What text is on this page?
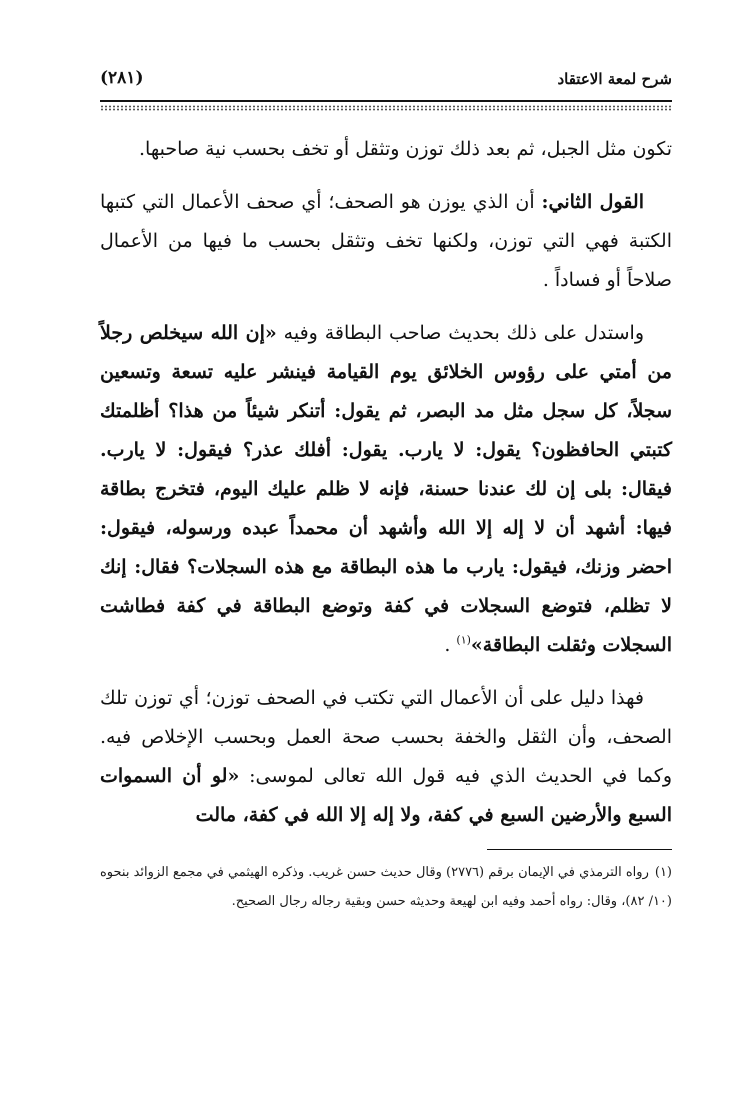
شرح لمعة الاعتقاد
(٢٨١)

تكون مثل الجبل، ثم بعد ذلك توزن وتثقل أو تخف بحسب نية صاحبها.

القول الثاني: أن الذي يوزن هو الصحف؛ أي صحف الأعمال التي كتبها الكتبة فهي التي توزن، ولكنها تخف وتثقل بحسب ما فيها من الأعمال صلاحاً أو فساداً .

واستدل على ذلك بحديث صاحب البطاقة وفيه «إن الله سيخلص رجلاً من أمتي على رؤوس الخلائق يوم القيامة فينشر عليه تسعة وتسعين سجلاً، كل سجل مثل مد البصر، ثم يقول: أتنكر شيئاً من هذا؟ أظلمتك كتبتي الحافظون؟ يقول: لا يارب. يقول: أفلك عذر؟ فيقول: لا يارب. فيقال: بلى إن لك عندنا حسنة، فإنه لا ظلم عليك اليوم، فتخرج بطاقة فيها: أشهد أن لا إله إلا الله وأشهد أن محمداً عبده ورسوله، فيقول: احضر وزنك، فيقول: يارب ما هذه البطاقة مع هذه السجلات؟ فقال: إنك لا تظلم، فتوضع السجلات في كفة وتوضع البطاقة في كفة فطاشت السجلات وثقلت البطاقة»$^{(١)}$ .

فهذا دليل على أن الأعمال التي تكتب في الصحف توزن؛ أي توزن تلك الصحف، وأن الثقل والخفة بحسب صحة العمل وبحسب الإخلاص فيه. وكما في الحديث الذي فيه قول الله تعالى لموسى: «لو أن السموات السبع والأرضين السبع في كفة، ولا إله إلا الله في كفة، مالت

(١)رواه الترمذي في الإيمان برقم (٢٧٧٦) وقال حديث حسن غريب. وذكره الهيثمي في مجمع الزوائد بنحوه (١٠/ ٨٢)، وقال: رواه أحمد وفيه ابن لهيعة وحديثه حسن وبقية رجاله رجال الصحيح.
